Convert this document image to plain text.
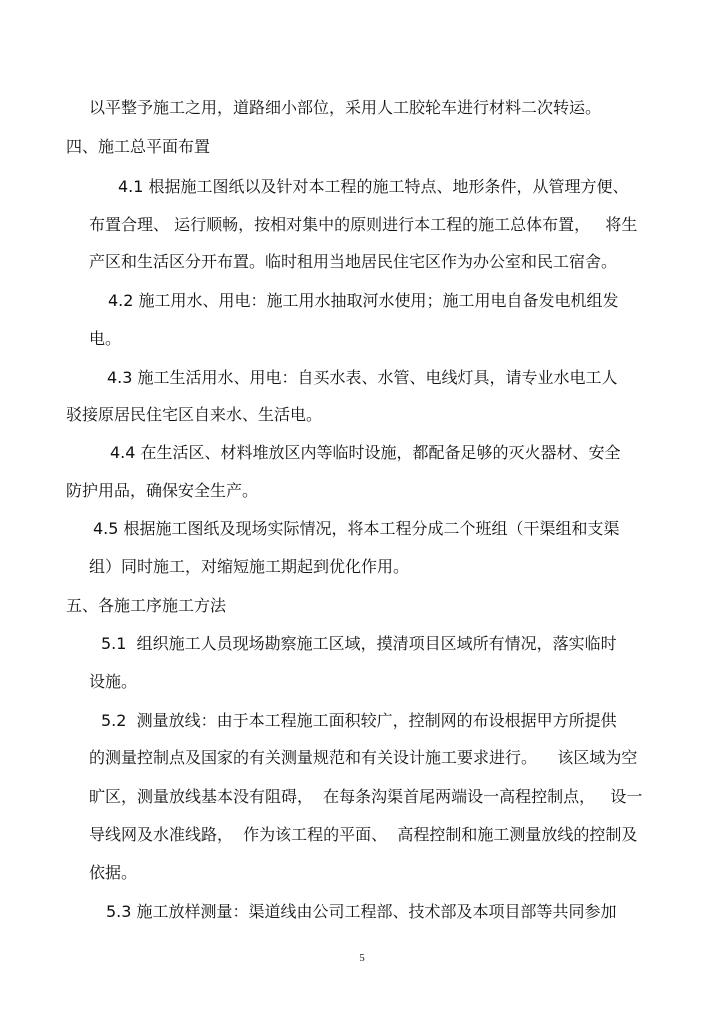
以平整予施工之用，道路细小部位，采用人工胶轮车进行材料二次转运。
四、施工总平面布置
4.1 根据施工图纸以及针对本工程的施工特点、地形条件，从管理方便、
布置合理、 运行顺畅，按相对集中的原则进行本工程的施工总体布置，   将生
产区和生活区分开布置。临时租用当地居民住宅区作为办公室和民工宿舍。
4.2 施工用水、用电：施工用水抽取河水使用；施工用电自备发电机组发
电。
4.3 施工生活用水、用电：自买水表、水管、电线灯具，请专业水电工人
驳接原居民住宅区自来水、生活电。
4.4 在生活区、材料堆放区内等临时设施，都配备足够的灭火器材、安全
防护用品，确保安全生产。
4.5 根据施工图纸及现场实际情况，将本工程分成二个班组（干渠组和支渠
组）同时施工，对缩短施工期起到优化作用。
五、各施工序施工方法
5.1  组织施工人员现场勘察施工区域，摸清项目区域所有情况，落实临时
设施。
5.2  测量放线：由于本工程施工面积较广，控制网的布设根据甲方所提供
的测量控制点及国家的有关测量规范和有关设计施工要求进行。    该区域为空
旷区，测量放线基本没有阻碍，  在每条沟渠首尾两端设一高程控制点，   设一
导线网及水准线路，  作为该工程的平面、  高程控制和施工测量放线的控制及
依据。
5.3 施工放样测量：渠道线由公司工程部、技术部及本项目部等共同参加
5
